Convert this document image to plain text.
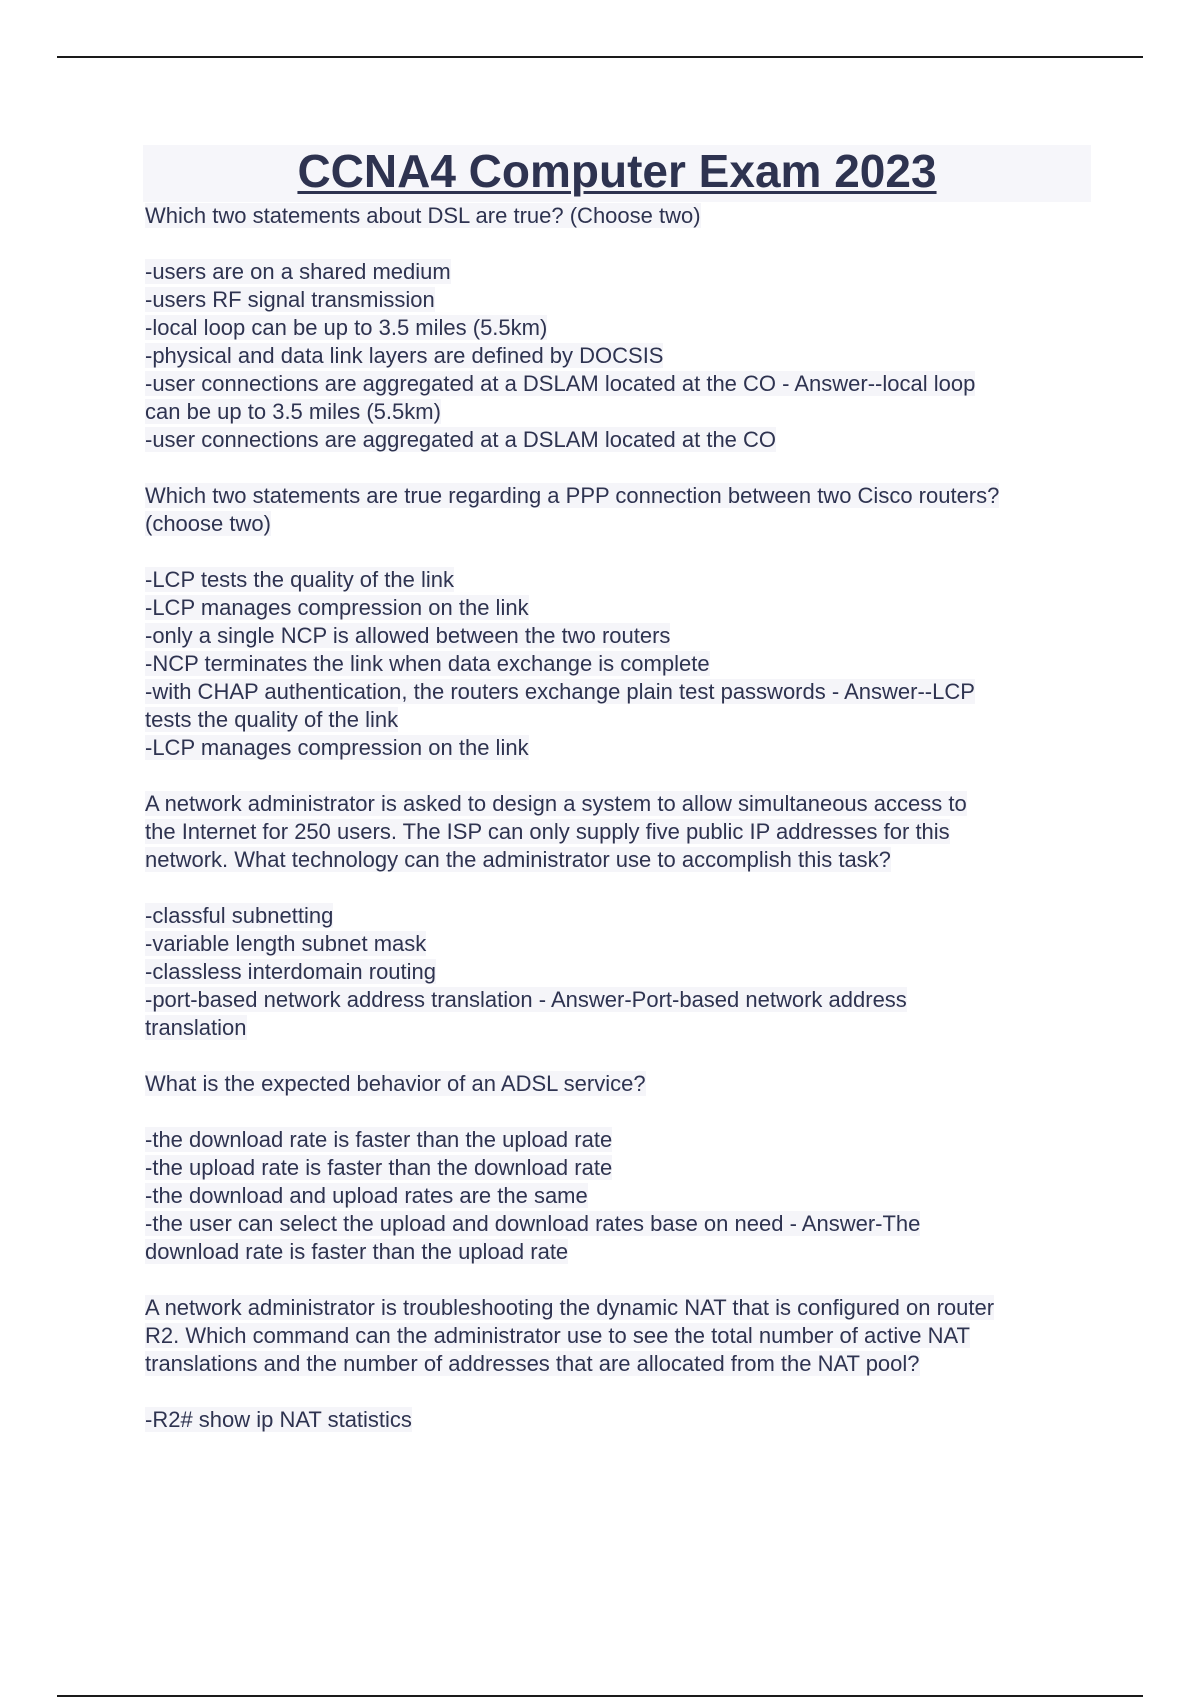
CCNA4 Computer Exam 2023
Which two statements about DSL are true? (Choose two)
-users are on a shared medium
-users RF signal transmission
-local loop can be up to 3.5 miles (5.5km)
-physical and data link layers are defined by DOCSIS
-user connections are aggregated at a DSLAM located at the CO - Answer--local loop
can be up to 3.5 miles (5.5km)
-user connections are aggregated at a DSLAM located at the CO
Which two statements are true regarding a PPP connection between two Cisco routers?
(choose two)
-LCP tests the quality of the link
-LCP manages compression on the link
-only a single NCP is allowed between the two routers
-NCP terminates the link when data exchange is complete
-with CHAP authentication, the routers exchange plain test passwords - Answer--LCP
tests the quality of the link
-LCP manages compression on the link
A network administrator is asked to design a system to allow simultaneous access to
the Internet for 250 users. The ISP can only supply five public IP addresses for this
network. What technology can the administrator use to accomplish this task?
-classful subnetting
-variable length subnet mask
-classless interdomain routing
-port-based network address translation - Answer-Port-based network address
translation
What is the expected behavior of an ADSL service?
-the download rate is faster than the upload rate
-the upload rate is faster than the download rate
-the download and upload rates are the same
-the user can select the upload and download rates base on need - Answer-The
download rate is faster than the upload rate
A network administrator is troubleshooting the dynamic NAT that is configured on router
R2. Which command can the administrator use to see the total number of active NAT
translations and the number of addresses that are allocated from the NAT pool?
-R2# show ip NAT statistics
